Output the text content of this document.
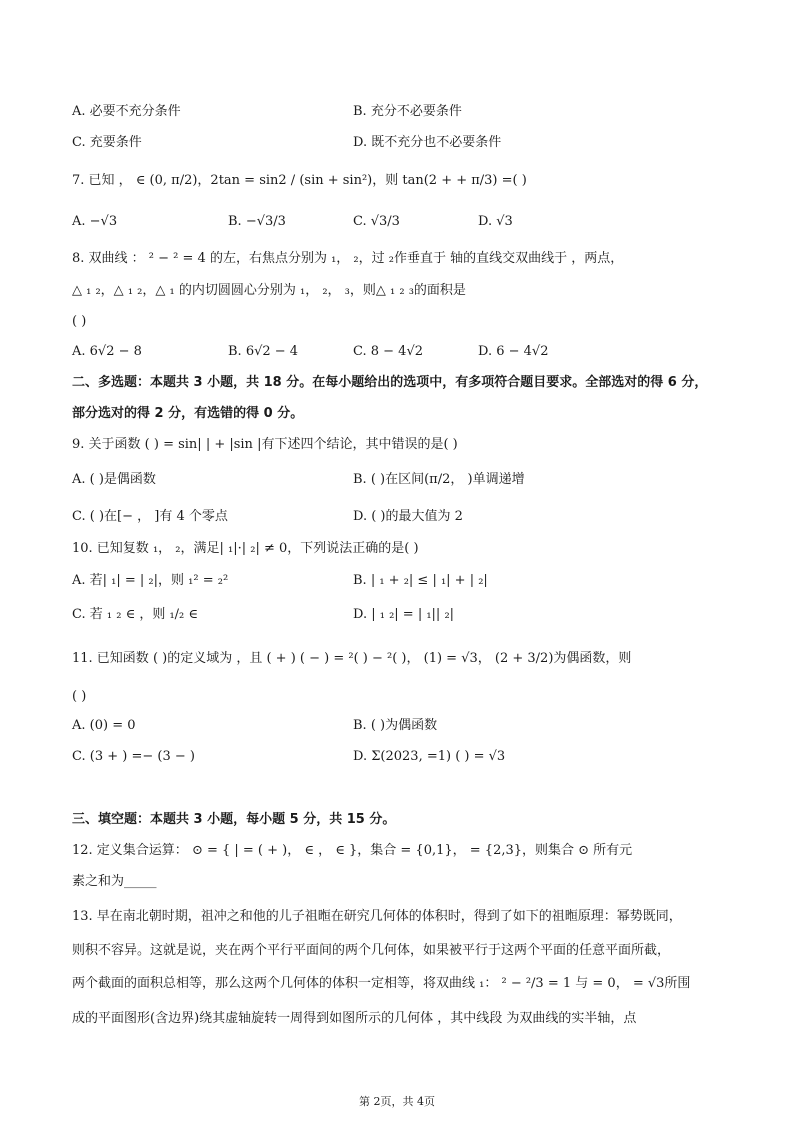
A. 必要不充分条件	B. 充分不必要条件
C. 充要条件	D. 既不充分也不必要条件
7. 已知 ， ∈ (0, π/2)，2tan = sin2 / (sin + sin²)，则 tan(2 + + π/3) =( )
A. −√3	B. −√3/3	C. √3/3	D. √3
8. 双曲线 ： ² − ² = 4 的左，右焦点分别为 ₁， ₂，过 ₂作垂直于 轴的直线交双曲线于 ，两点，
△ ₁ ₂，△ ₁ ₂，△ ₁ 的内切圆圆心分别为 ₁， ₂， ₃，则△ ₁ ₂ ₃的面积是
( )
A. 6√2 − 8	B. 6√2 − 4	C. 8 − 4√2	D. 6 − 4√2
二、多选题：本题共 3 小题，共 18 分。在每小题给出的选项中，有多项符合题目要求。全部选对的得 6 分，
部分选对的得 2 分，有选错的得 0 分。
9. 关于函数 ( ) = sin| | + |sin |有下述四个结论，其中错误的是( )
A. ( )是偶函数	B. ( )在区间(π/2， )单调递增
C. ( )在[− ， ]有 4 个零点	D. ( )的最大值为 2
10. 已知复数 ₁， ₂，满足| ₁|·| ₂| ≠ 0，下列说法正确的是( )
A. 若| ₁| = | ₂|，则 ₁² = ₂²	B. | ₁ + ₂| ≤ | ₁| + | ₂|
C. 若 ₁ ₂ ∈ ，则 ₁/₂ ∈	D. | ₁ ₂| = | ₁|| ₂|
11. 已知函数 ( )的定义域为 ，且 ( + ) ( − ) = ²( ) − ²( )， (1) = √3， (2 + 3/2)为偶函数，则
( )
A. (0) = 0	B. ( )为偶函数
C. (3 + ) =− (3 − )	D. Σ(2023, =1) ( ) = √3
三、填空题：本题共 3 小题，每小题 5 分，共 15 分。
12. 定义集合运算： ⊙ = { | = ( + )， ∈ ， ∈ }，集合 = {0,1}， = {2,3}，则集合 ⊙ 所有元
素之和为_____
13. 早在南北朝时期，祖冲之和他的儿子祖暅在研究几何体的体积时，得到了如下的祖暅原理：幂势既同，
则积不容异。这就是说，夹在两个平行平面间的两个几何体，如果被平行于这两个平面的任意平面所截，
两个截面的面积总相等，那么这两个几何体的体积一定相等，将双曲线 ₁： ² − ²/3 = 1 与 = 0， = √3所围
成的平面图形(含边界)绕其虚轴旋转一周得到如图所示的几何体 ，其中线段 为双曲线的实半轴，点
第 2页，共 4页
